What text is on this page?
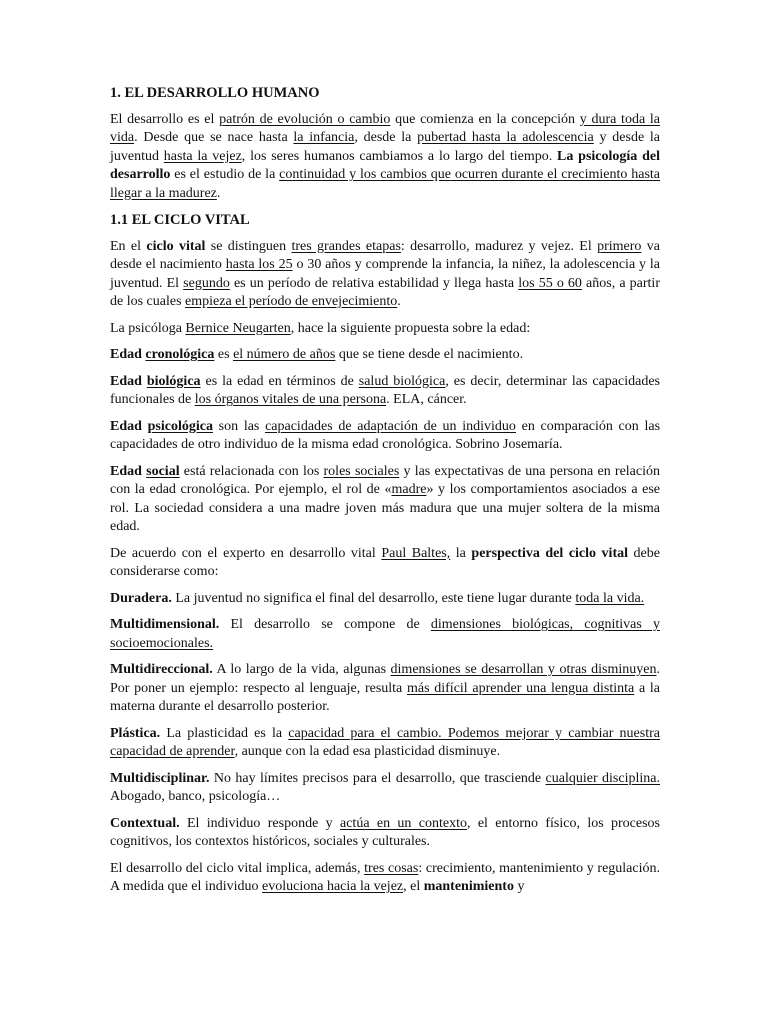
1. EL DESARROLLO HUMANO

El desarrollo es el patrón de evolución o cambio que comienza en la concepción y dura toda la vida. Desde que se nace hasta la infancia, desde la pubertad hasta la adolescencia y desde la juventud hasta la vejez, los seres humanos cambiamos a lo largo del tiempo. La psicología del desarrollo es el estudio de la continuidad y los cambios que ocurren durante el crecimiento hasta llegar a la madurez.

1.1 EL CICLO VITAL

En el ciclo vital se distinguen tres grandes etapas: desarrollo, madurez y vejez. El primero va desde el nacimiento hasta los 25 o 30 años y comprende la infancia, la niñez, la adolescencia y la juventud. El segundo es un período de relativa estabilidad y llega hasta los 55 o 60 años, a partir de los cuales empieza el período de envejecimiento.

La psicóloga Bernice Neugarten, hace la siguiente propuesta sobre la edad:

Edad cronológica es el número de años que se tiene desde el nacimiento.

Edad biológica es la edad en términos de salud biológica, es decir, determinar las capacidades funcionales de los órganos vitales de una persona. ELA, cáncer.

Edad psicológica son las capacidades de adaptación de un individuo en comparación con las capacidades de otro individuo de la misma edad cronológica. Sobrino Josemaría.

Edad social está relacionada con los roles sociales y las expectativas de una persona en relación con la edad cronológica. Por ejemplo, el rol de «madre» y los comportamientos asociados a ese rol. La sociedad considera a una madre joven más madura que una mujer soltera de la misma edad.

De acuerdo con el experto en desarrollo vital Paul Baltes, la perspectiva del ciclo vital debe considerarse como:

Duradera. La juventud no significa el final del desarrollo, este tiene lugar durante toda la vida.

Multidimensional. El desarrollo se compone de dimensiones biológicas, cognitivas y socioemocionales.

Multidireccional. A lo largo de la vida, algunas dimensiones se desarrollan y otras disminuyen. Por poner un ejemplo: respecto al lenguaje, resulta más difícil aprender una lengua distinta a la materna durante el desarrollo posterior.

Plástica. La plasticidad es la capacidad para el cambio. Podemos mejorar y cambiar nuestra capacidad de aprender, aunque con la edad esa plasticidad disminuye.

Multidisciplinar. No hay límites precisos para el desarrollo, que trasciende cualquier disciplina. Abogado, banco, psicología…

Contextual. El individuo responde y actúa en un contexto, el entorno físico, los procesos cognitivos, los contextos históricos, sociales y culturales.

El desarrollo del ciclo vital implica, además, tres cosas: crecimiento, mantenimiento y regulación. A medida que el individuo evoluciona hacia la vejez, el mantenimiento y
